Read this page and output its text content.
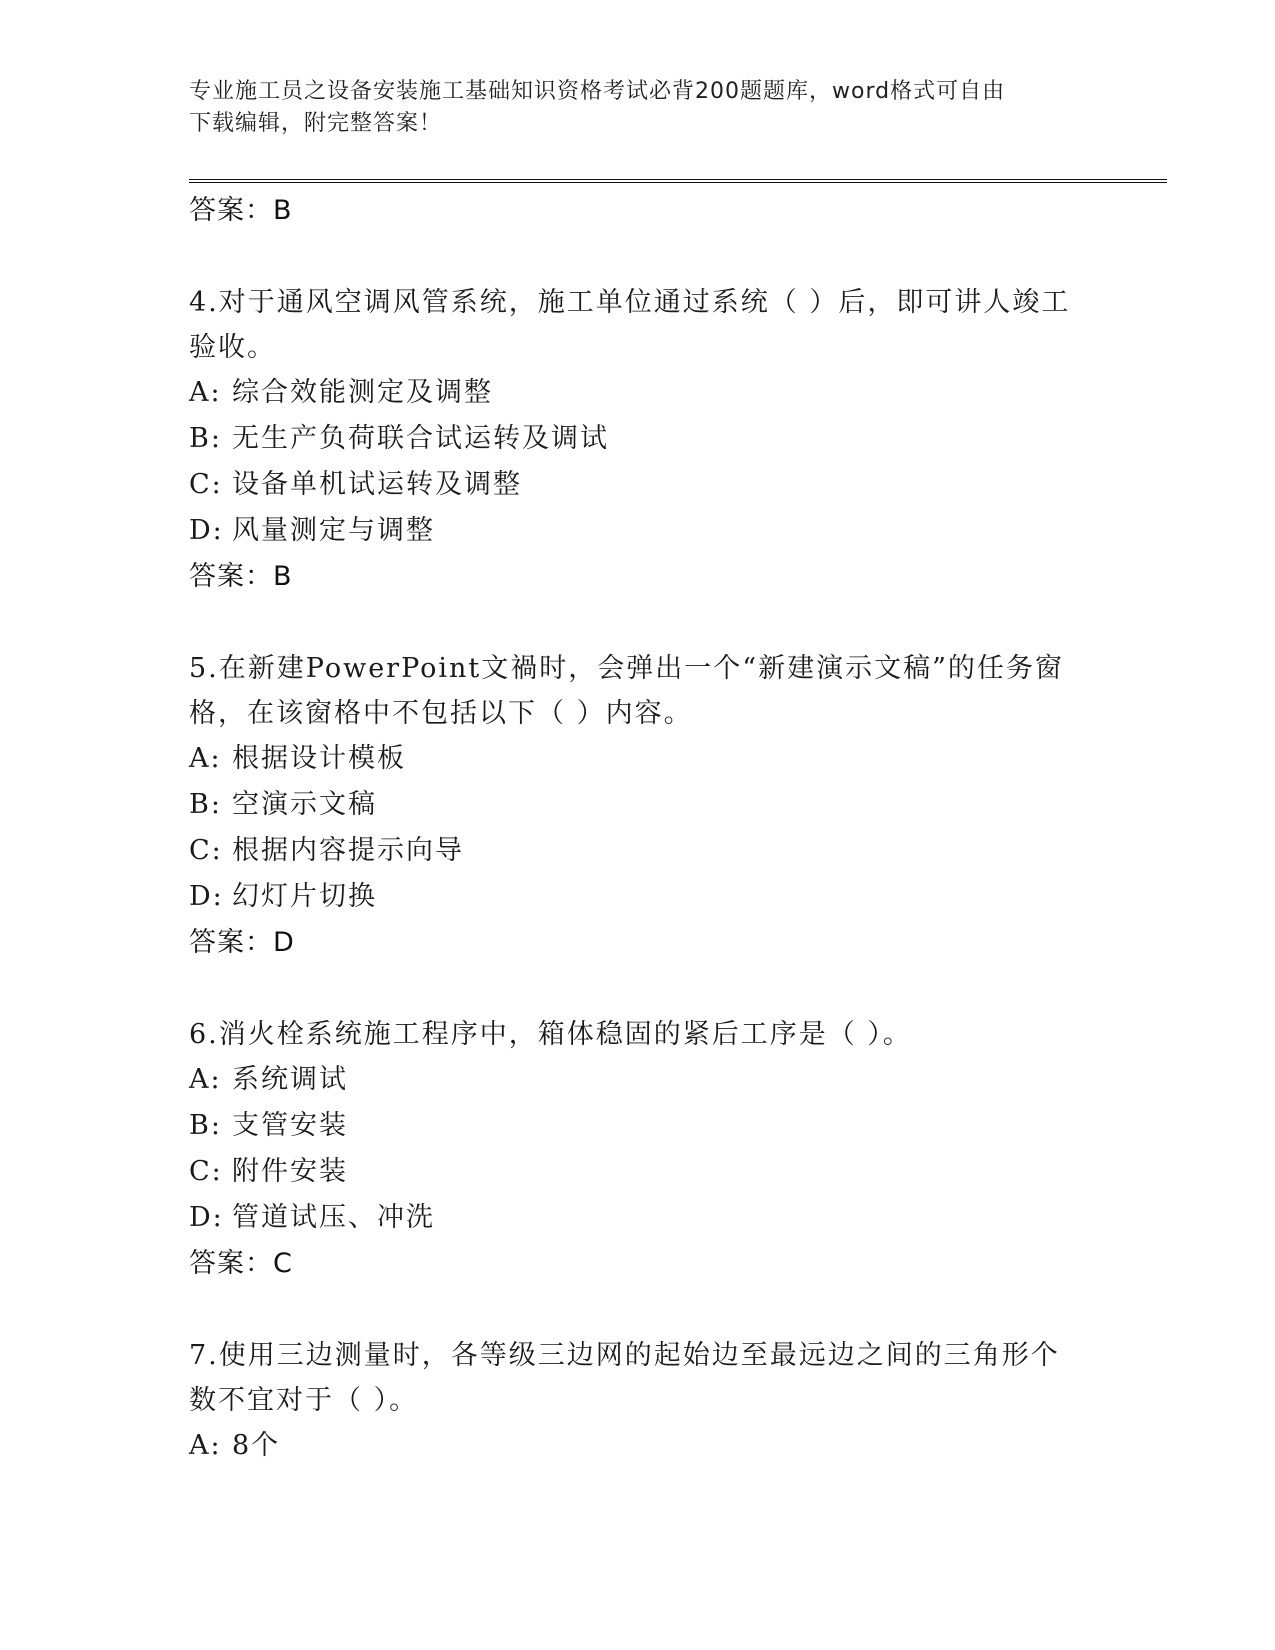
专业施工员之设备安装施工基础知识资格考试必背200题题库，word格式可自由
下载编辑，附完整答案！
答案：B
4.对于通风空调风管系统，施工单位通过系统（ ）后，即可讲人竣工
验收。
A: 综合效能测定及调整
B: 无生产负荷联合试运转及调试
C: 设备单机试运转及调整
D: 风量测定与调整
答案：B
5.在新建PowerPoint文禍时，会弹出一个“新建演示文稿”的任务窗
格，在该窗格中不包括以下（ ）内容。
A: 根据设计模板
B: 空演示文稿
C: 根据内容提示向导
D: 幻灯片切换
答案：D
6.消火栓系统施工程序中，箱体稳固的紧后工序是（ ）。
A: 系统调试
B: 支管安装
C: 附件安装
D: 管道试压、冲洗
答案：C
7.使用三边测量时，各等级三边网的起始边至最远边之间的三角形个
数不宜对于（ ）。
A: 8个
